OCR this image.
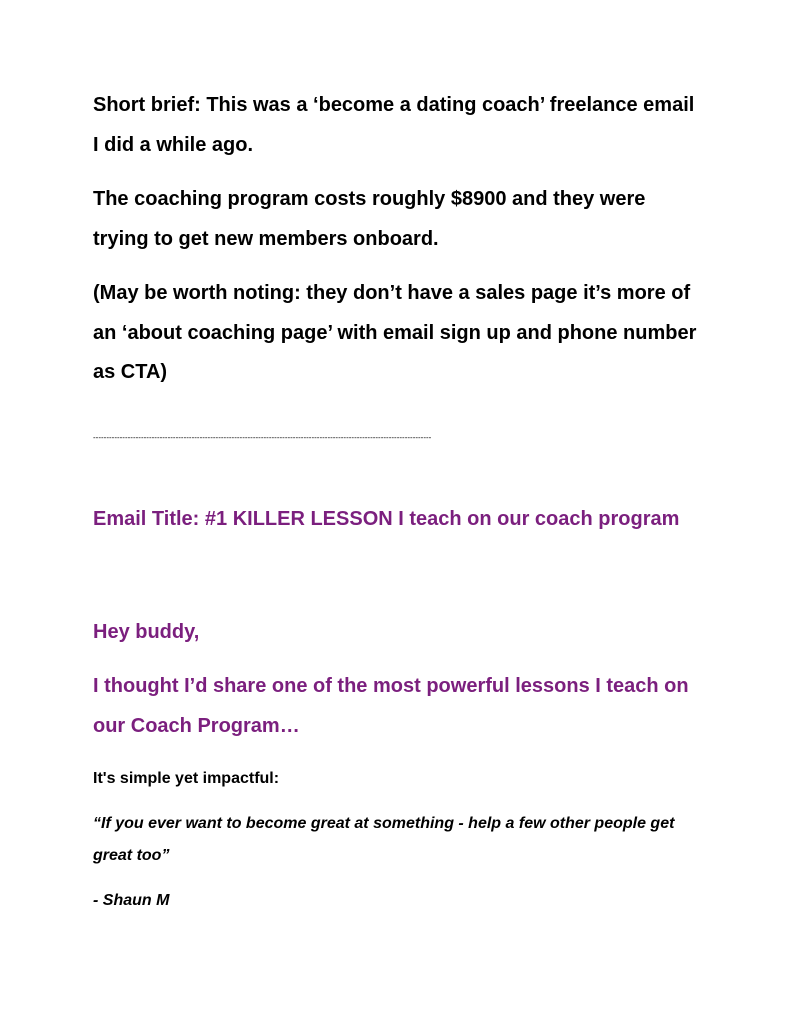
Short brief: This was a ‘become a dating coach’ freelance email I did a while ago.

The coaching program costs roughly $8900 and they were trying to get new members onboard.

(May be worth noting: they don’t have a sales page it’s more of an ‘about coaching page’ with email sign up and phone number as CTA)

-------------------------------------------------------------------------------------------------------------------------------

Email Title: #1 KILLER LESSON I teach on our coach program

Hey buddy,

I thought I’d share one of the most powerful lessons I teach on our Coach Program…

It's simple yet impactful:

“If you ever want to become great at something - help a few other people get great too”

- Shaun M
